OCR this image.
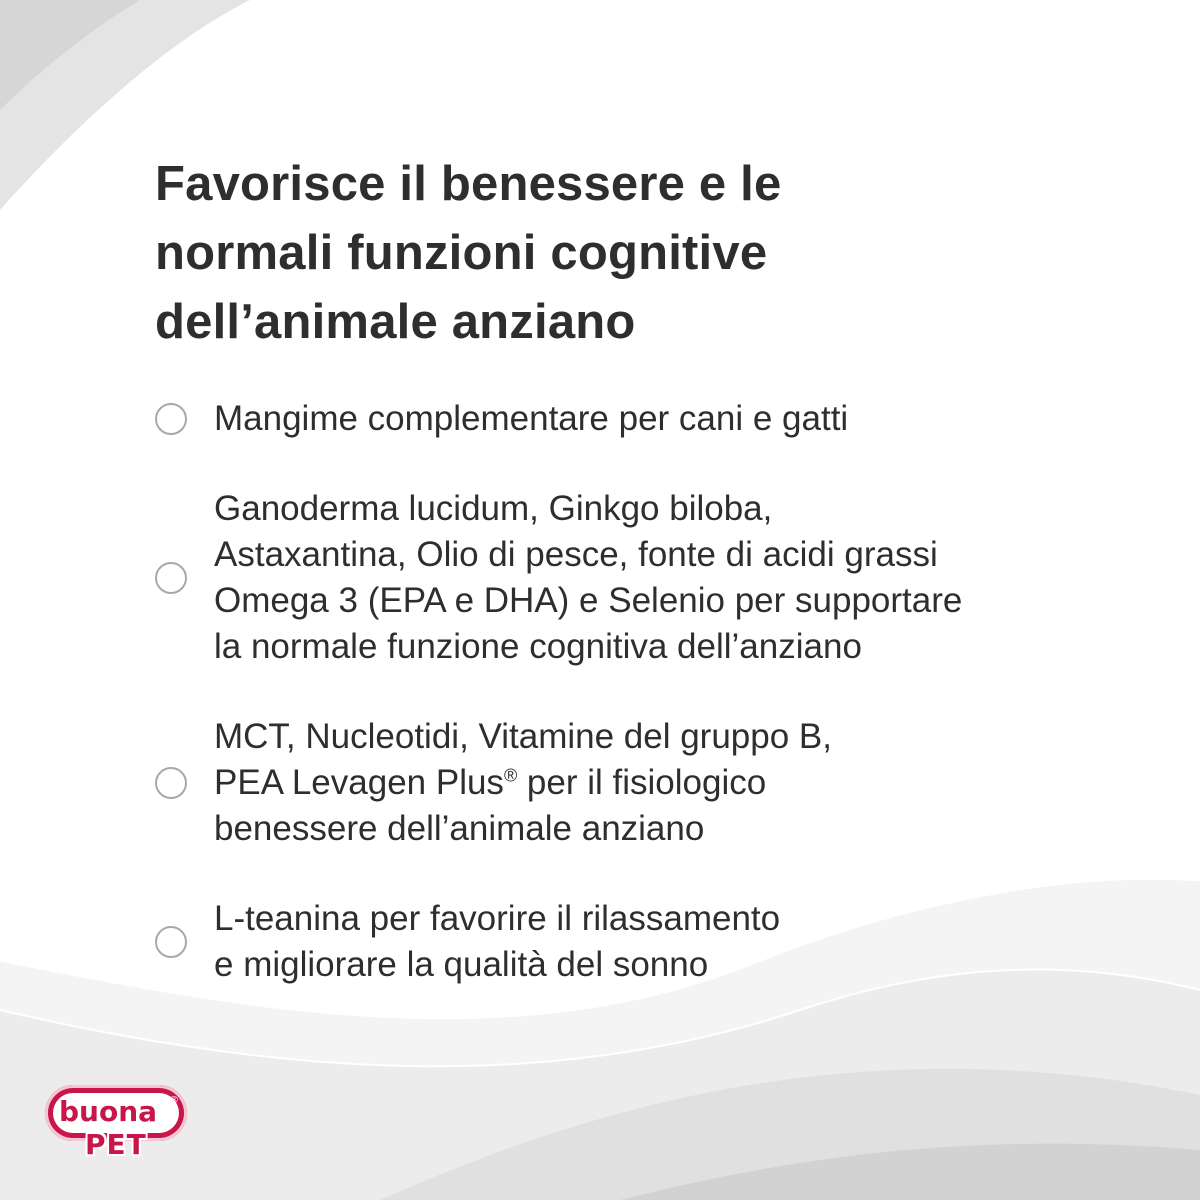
Favorisce il benessere e le
normali funzioni cognitive
dell’animale anziano
Mangime complementare per cani e gatti
Ganoderma lucidum, Ginkgo biloba,
Astaxantina, Olio di pesce, fonte di acidi grassi
Omega 3 (EPA e DHA) e Selenio per supportare
la normale funzione cognitiva dell’anziano
MCT, Nucleotidi, Vitamine del gruppo B,
PEA Levagen Plus® per il fisiologico
benessere dell’animale anziano
L-teanina per favorire il rilassamento
e migliorare la qualità del sonno
buona ®
PET
